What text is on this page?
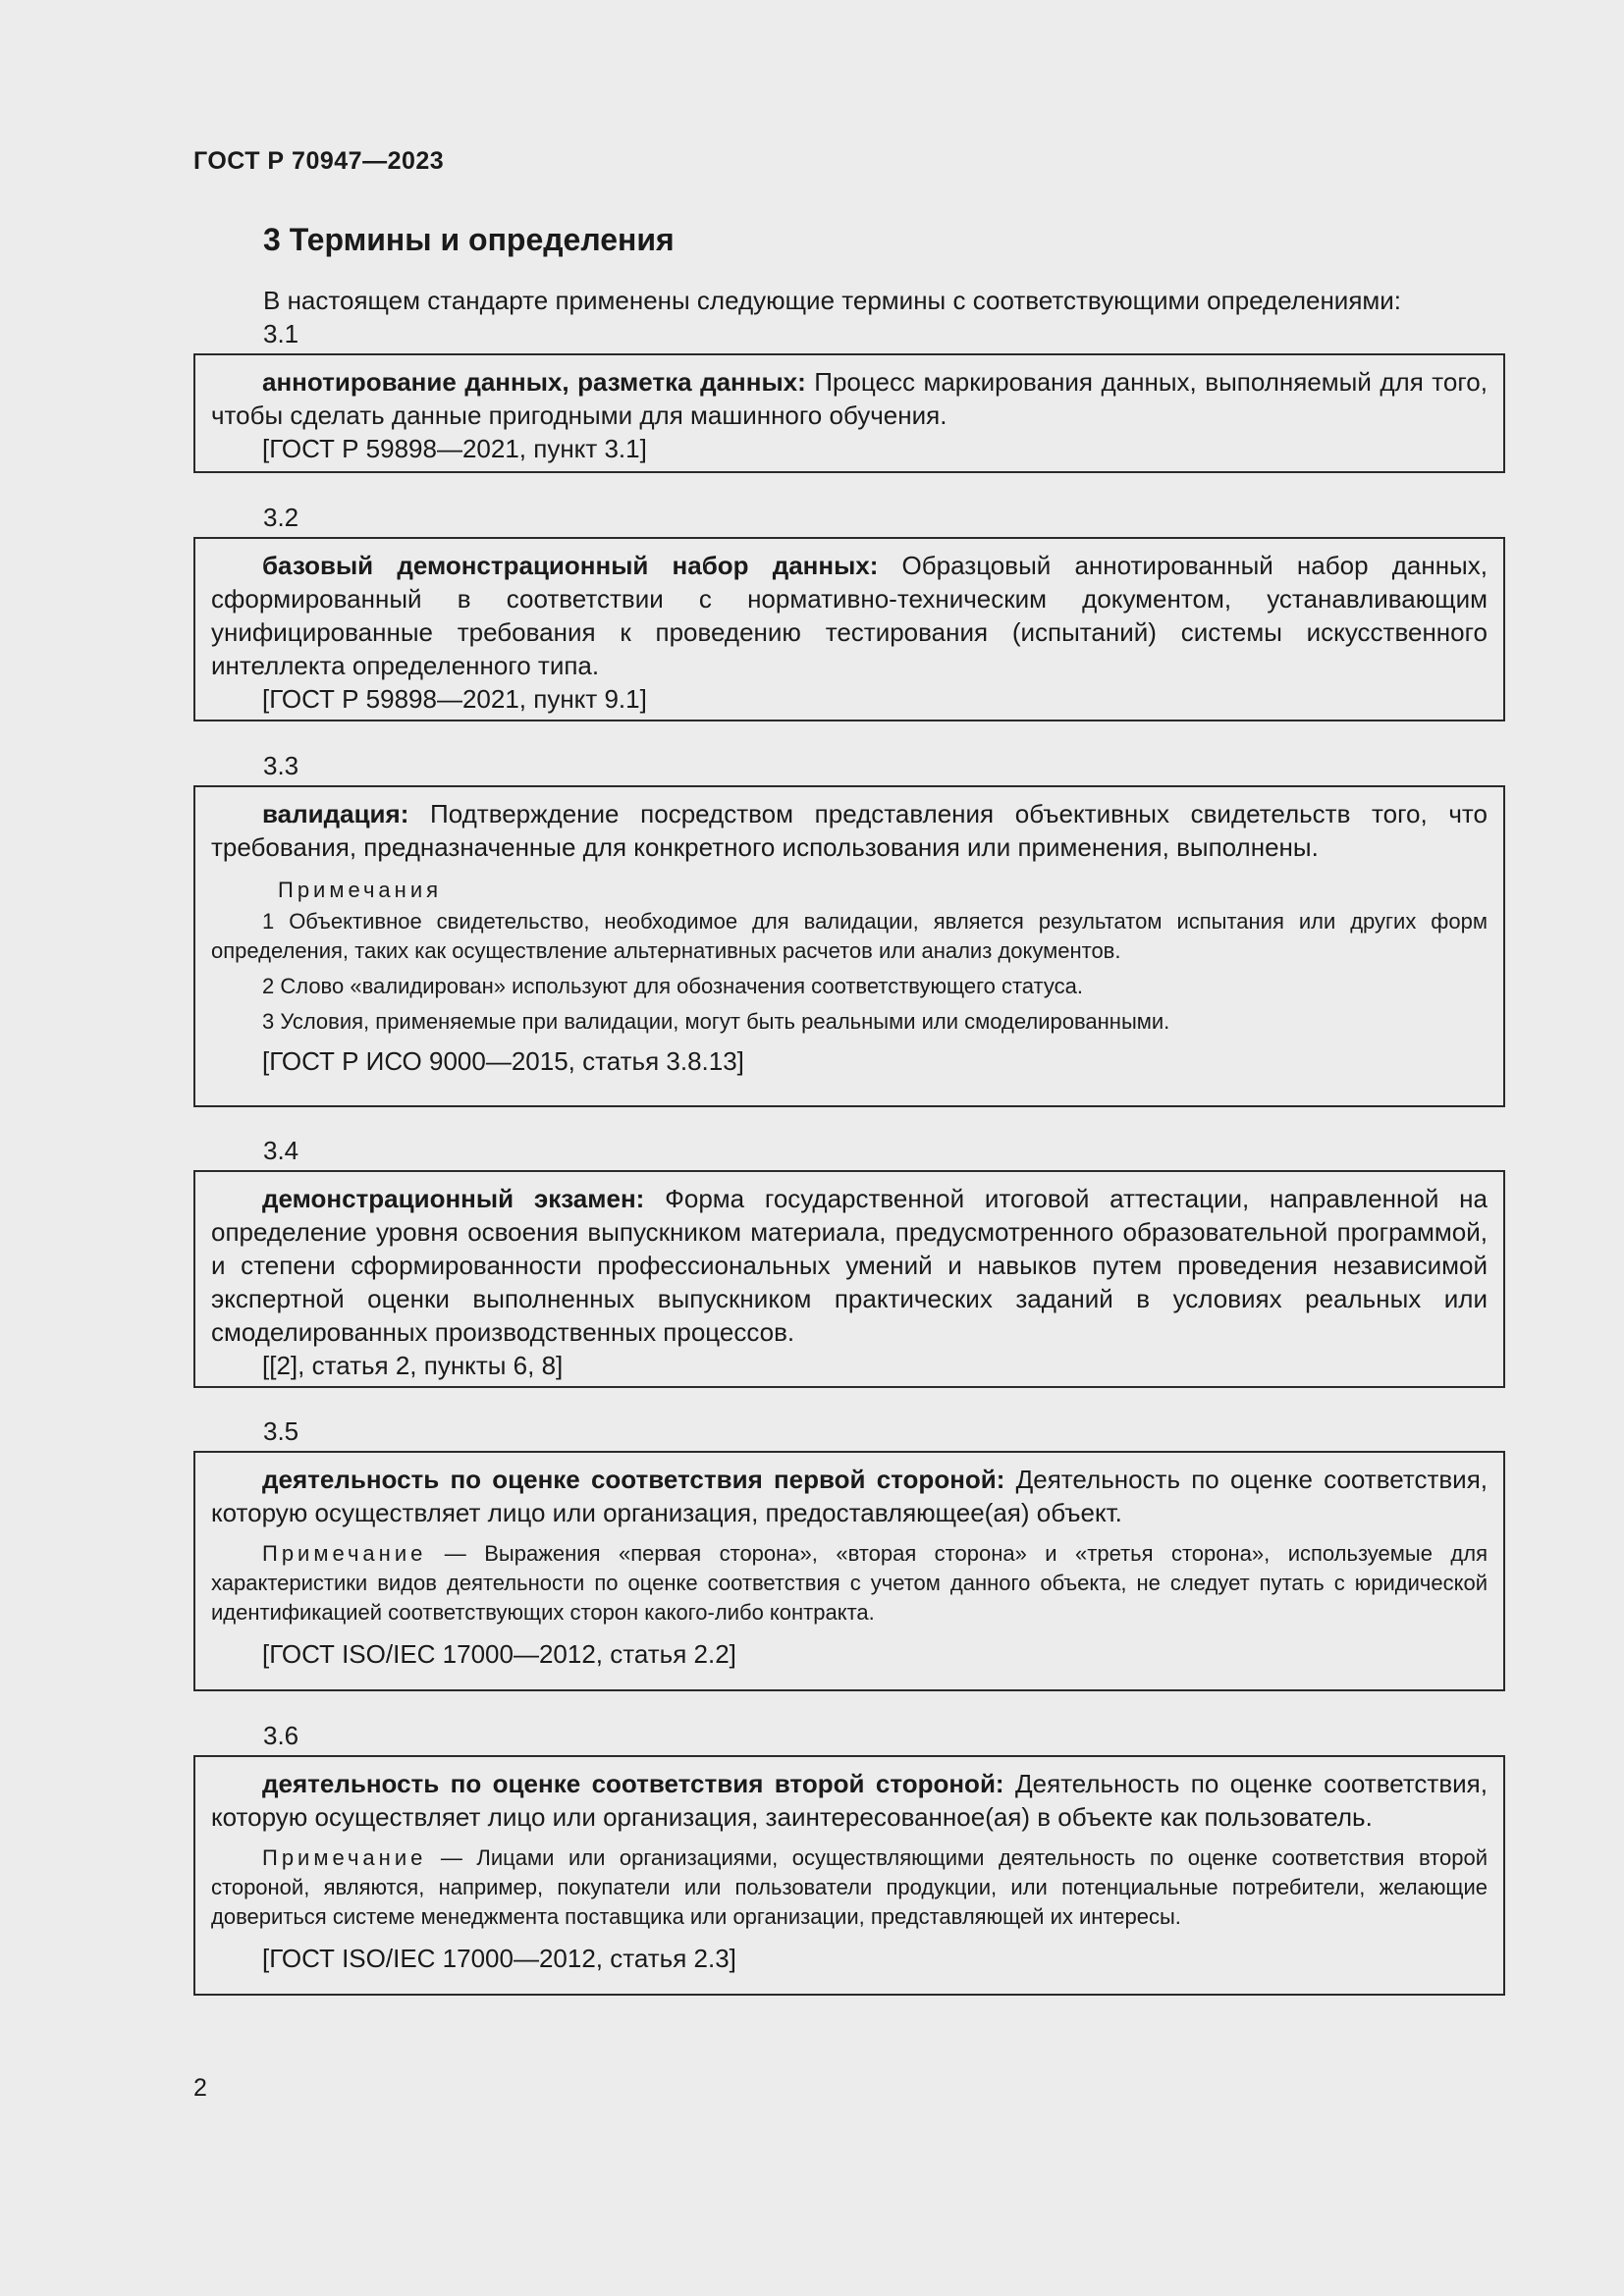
ГОСТ Р 70947—2023
3 Термины и определения
В настоящем стандарте применены следующие термины с соответствующими определениями:
3.1

аннотирование данных, разметка данных: Процесс маркирования данных, выполняемый для того, чтобы сделать данные пригодными для машинного обучения.

[ГОСТ Р 59898—2021, пункт 3.1]

3.2

базовый демонстрационный набор данных: Образцовый аннотированный набор данных, сформированный в соответствии с нормативно-техническим документом, устанавливающим унифицированные требования к проведению тестирования (испытаний) системы искусственного интеллекта определенного типа.

[ГОСТ Р 59898—2021, пункт 9.1]

3.3

валидация: Подтверждение посредством представления объективных свидетельств того, что требования, предназначенные для конкретного использования или применения, выполнены.

Примечания

1 Объективное свидетельство, необходимое для валидации, является результатом испытания или других форм определения, таких как осуществление альтернативных расчетов или анализ документов.

2 Слово «валидирован» используют для обозначения соответствующего статуса.

3 Условия, применяемые при валидации, могут быть реальными или смоделированными.

[ГОСТ Р ИСО 9000—2015, статья 3.8.13]

3.4

демонстрационный экзамен: Форма государственной итоговой аттестации, направленной на определение уровня освоения выпускником материала, предусмотренного образовательной программой, и степени сформированности профессиональных умений и навыков путем проведения независимой экспертной оценки выполненных выпускником практических заданий в условиях реальных или смоделированных производственных процессов.

[[2], статья 2, пункты 6, 8]

3.5

деятельность по оценке соответствия первой стороной: Деятельность по оценке соответствия, которую осуществляет лицо или организация, предоставляющее(ая) объект.

Примечание — Выражения «первая сторона», «вторая сторона» и «третья сторона», используемые для характеристики видов деятельности по оценке соответствия с учетом данного объекта, не следует путать с юридической идентификацией соответствующих сторон какого-либо контракта.

[ГОСТ ISO/IEC 17000—2012, статья 2.2]

3.6

деятельность по оценке соответствия второй стороной: Деятельность по оценке соответствия, которую осуществляет лицо или организация, заинтересованное(ая) в объекте как пользователь.

Примечание — Лицами или организациями, осуществляющими деятельность по оценке соответствия второй стороной, являются, например, покупатели или пользователи продукции, или потенциальные потребители, желающие довериться системе менеджмента поставщика или организации, представляющей их интересы.

[ГОСТ ISO/IEC 17000—2012, статья 2.3]

2
